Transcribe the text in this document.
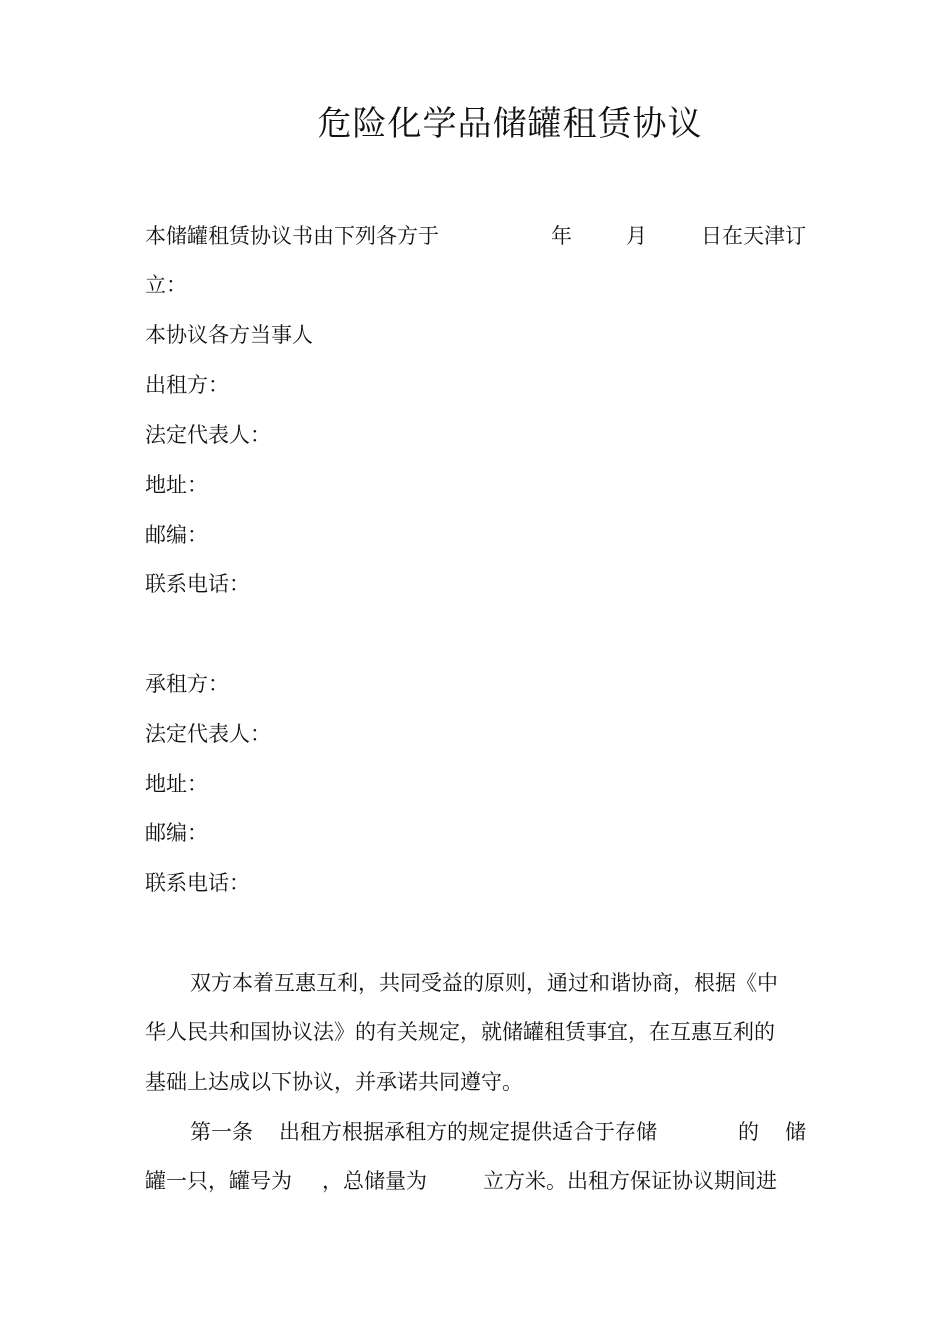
危险化学品储罐租赁协议
本储罐租赁协议书由下列各方于	年	月	日在天津订
立：
本协议各方当事人
出租方：
法定代表人：
地址：
邮编：
联系电话：
承租方：
法定代表人：
地址：
邮编：
联系电话：
双方本着互惠互利，共同受益的原则，通过和谐协商，根据《中
华人民共和国协议法》的有关规定，就储罐租赁事宜，在互惠互利的
基础上达成以下协议，并承诺共同遵守。
第一条 出租方根据承租方的规定提供适合于存储	的 储
罐一只，罐号为 ，总储量为	立方米。出租方保证协议期间进
